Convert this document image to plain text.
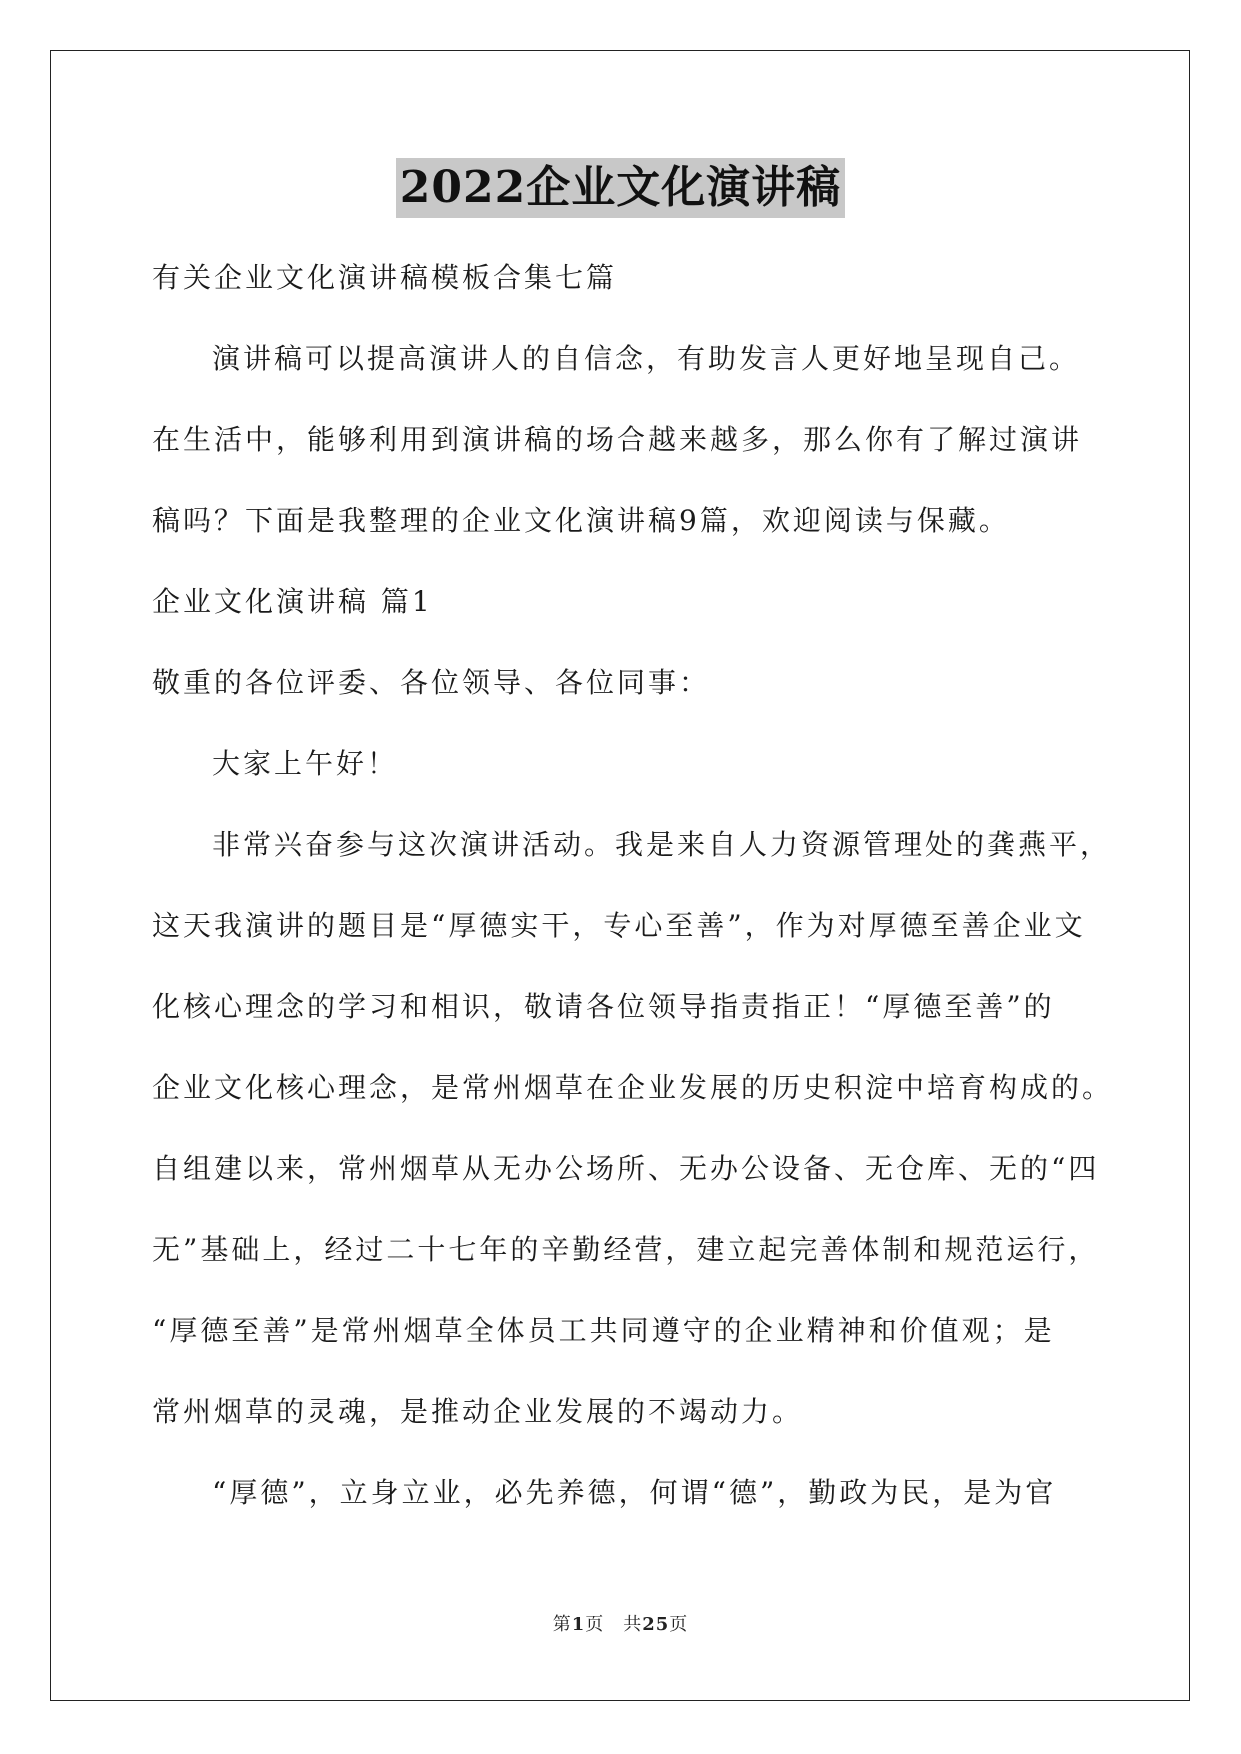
2022企业文化演讲稿
有关企业文化演讲稿模板合集七篇
演讲稿可以提高演讲人的自信念，有助发言人更好地呈现自己。
在生活中，能够利用到演讲稿的场合越来越多，那么你有了解过演讲
稿吗？下面是我整理的企业文化演讲稿9篇，欢迎阅读与保藏。
企业文化演讲稿 篇1
敬重的各位评委、各位领导、各位同事：
大家上午好！
非常兴奋参与这次演讲活动。我是来自人力资源管理处的龚燕平，
这天我演讲的题目是“厚德实干，专心至善”，作为对厚德至善企业文
化核心理念的学习和相识，敬请各位领导指责指正！“厚德至善”的
企业文化核心理念，是常州烟草在企业发展的历史积淀中培育构成的。
自组建以来，常州烟草从无办公场所、无办公设备、无仓库、无的“四
无”基础上，经过二十七年的辛勤经营，建立起完善体制和规范运行，
“厚德至善”是常州烟草全体员工共同遵守的企业精神和价值观；是
常州烟草的灵魂，是推动企业发展的不竭动力。
“厚德”，立身立业，必先养德，何谓“德”，勤政为民，是为官
第1页　共25页
